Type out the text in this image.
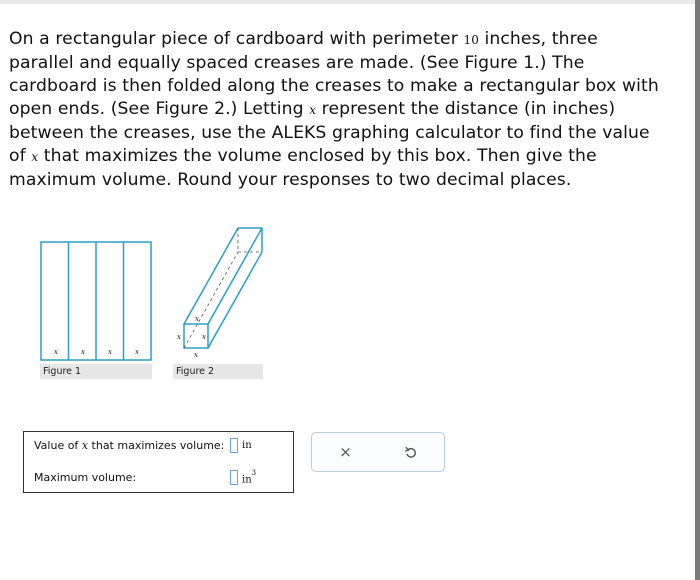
On a rectangular piece of cardboard with perimeter 10 inches, three parallel and equally spaced creases are made. (See Figure 1.) The cardboard is then folded along the creases to make a rectangular box with open ends. (See Figure 2.) Letting x represent the distance (in inches) between the creases, use the ALEKS graphing calculator to find the value of x that maximizes the volume enclosed by this box. Then give the maximum volume. Round your responses to two decimal places.
x	x	x	x
Figure 1
x	x
x
x
Figure 2
Value of x that maximizes volume: in
Maximum volume:	$in^3$
×
